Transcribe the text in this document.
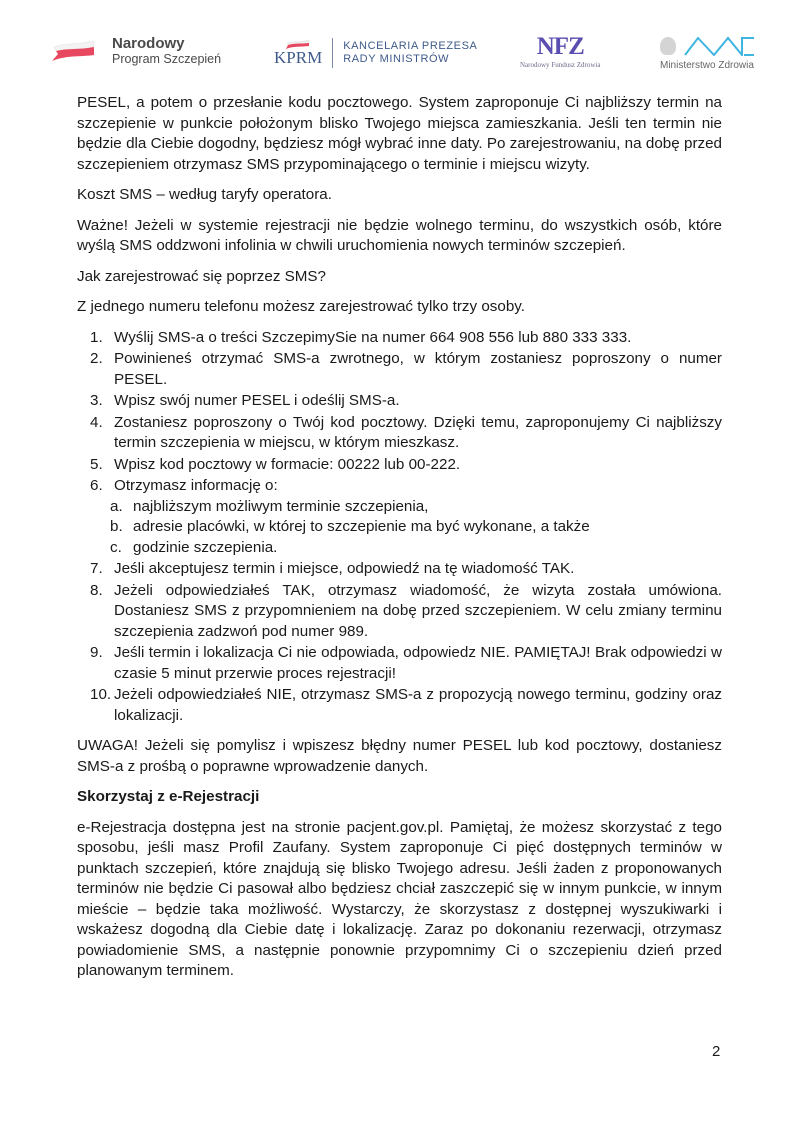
Narodowy
Program Szczepień	KPRM
KANCELARIA PREZESA
RADY MINISTRÓW	NFZ
Narodowy Fundusz Zdrowia	Ministerstwo Zdrowia

PESEL, a potem o przesłanie kodu pocztowego. System zaproponuje Ci najbliższy termin na szczepienie w punkcie położonym blisko Twojego miejsca zamieszkania. Jeśli ten termin nie będzie dla Ciebie dogodny, będziesz mógł wybrać inne daty. Po zarejestrowaniu, na dobę przed szczepieniem otrzymasz SMS przypominającego o terminie i miejscu wizyty.

Koszt SMS – według taryfy operatora.

Ważne! Jeżeli w systemie rejestracji nie będzie wolnego terminu, do wszystkich osób, które wyślą SMS oddzwoni infolinia w chwili uruchomienia nowych terminów szczepień.

Jak zarejestrować się poprzez SMS?

Z jednego numeru telefonu możesz zarejestrować tylko trzy osoby.

1. Wyślij SMS-a o treści SzczepimySie na numer 664 908 556 lub 880 333 333.
2. Powinieneś otrzymać SMS-a zwrotnego, w którym zostaniesz poproszony o numer PESEL.
3. Wpisz swój numer PESEL i odeślij SMS-a.
4. Zostaniesz poproszony o Twój kod pocztowy. Dzięki temu, zaproponujemy Ci najbliższy termin szczepienia w miejscu, w którym mieszkasz.
5. Wpisz kod pocztowy w formacie: 00222 lub 00-222.
6. Otrzymasz informację o:
a. najbliższym możliwym terminie szczepienia,
b. adresie placówki, w której to szczepienie ma być wykonane, a także
c. godzinie szczepienia.
7. Jeśli akceptujesz termin i miejsce, odpowiedź na tę wiadomość TAK.
8. Jeżeli odpowiedziałeś TAK, otrzymasz wiadomość, że wizyta została umówiona. Dostaniesz SMS z przypomnieniem na dobę przed szczepieniem. W celu zmiany terminu szczepienia zadzwoń pod numer 989.
9. Jeśli termin i lokalizacja Ci nie odpowiada, odpowiedz NIE. PAMIĘTAJ! Brak odpowiedzi w czasie 5 minut przerwie proces rejestracji!
10. Jeżeli odpowiedziałeś NIE, otrzymasz SMS-a z propozycją nowego terminu, godziny oraz lokalizacji.

UWAGA! Jeżeli się pomylisz i wpiszesz błędny numer PESEL lub kod pocztowy, dostaniesz SMS-a z prośbą o poprawne wprowadzenie danych.

Skorzystaj z e-Rejestracji

e-Rejestracja dostępna jest na stronie pacjent.gov.pl. Pamiętaj, że możesz skorzystać z tego sposobu, jeśli masz Profil Zaufany. System zaproponuje Ci pięć dostępnych terminów w punktach szczepień, które znajdują się blisko Twojego adresu. Jeśli żaden z proponowanych terminów nie będzie Ci pasował albo będziesz chciał zaszczepić się w innym punkcie, w innym mieście – będzie taka możliwość. Wystarczy, że skorzystasz z dostępnej wyszukiwarki i wskażesz dogodną dla Ciebie datę i lokalizację. Zaraz po dokonaniu rezerwacji, otrzymasz powiadomienie SMS, a następnie ponownie przypomnimy Ci o szczepieniu dzień przed planowanym terminem.

2
